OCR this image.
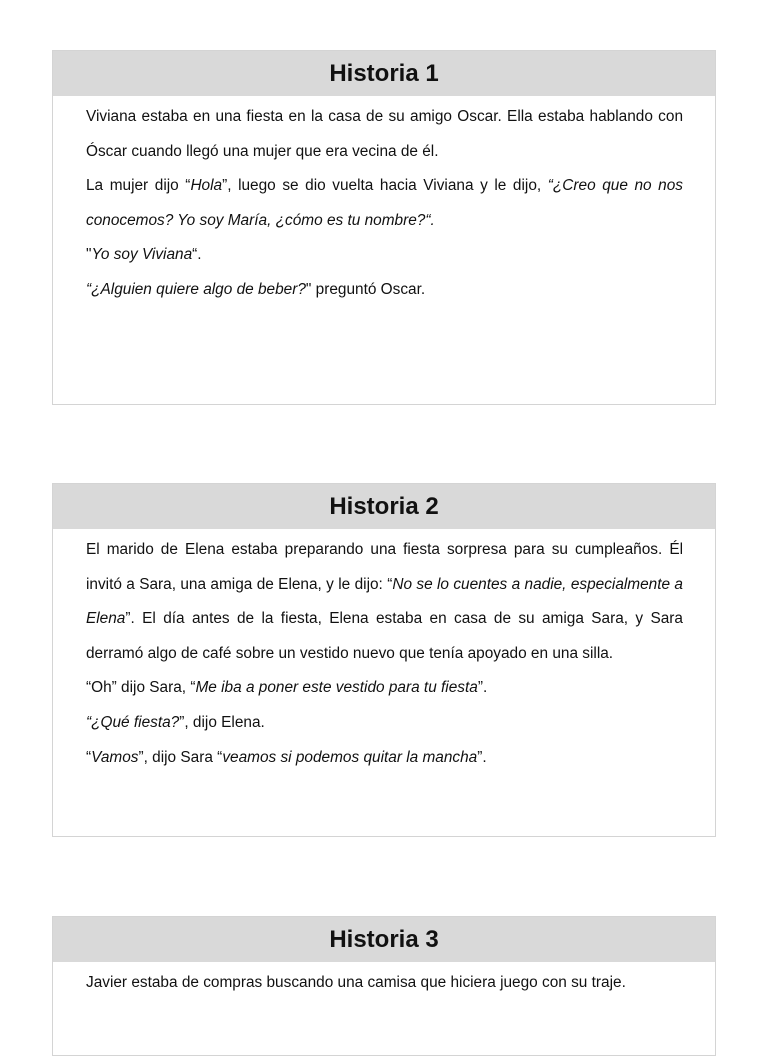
Historia 1

Viviana estaba en una fiesta en la casa de su amigo Oscar. Ella estaba hablando con Óscar cuando llegó una mujer que era vecina de él.

La mujer dijo “Hola”, luego se dio vuelta hacia Viviana y le dijo, “¿Creo que no nos conocemos? Yo soy María, ¿cómo es tu nombre?“.

"Yo soy Viviana“.

“¿Alguien quiere algo de beber?" preguntó Oscar.

Historia 2

El marido de Elena estaba preparando una fiesta sorpresa para su cumpleaños. Él invitó a Sara, una amiga de Elena, y le dijo: “No se lo cuentes a nadie, especialmente a Elena”. El día antes de la fiesta, Elena estaba en casa de su amiga Sara, y Sara derramó algo de café sobre un vestido nuevo que tenía apoyado en una silla.

“Oh” dijo Sara, “Me iba a poner este vestido para tu fiesta”.

“¿Qué fiesta?”, dijo Elena.

“Vamos”, dijo Sara “veamos si podemos quitar la mancha”.

Historia 3

Javier estaba de compras buscando una camisa que hiciera juego con su traje.
